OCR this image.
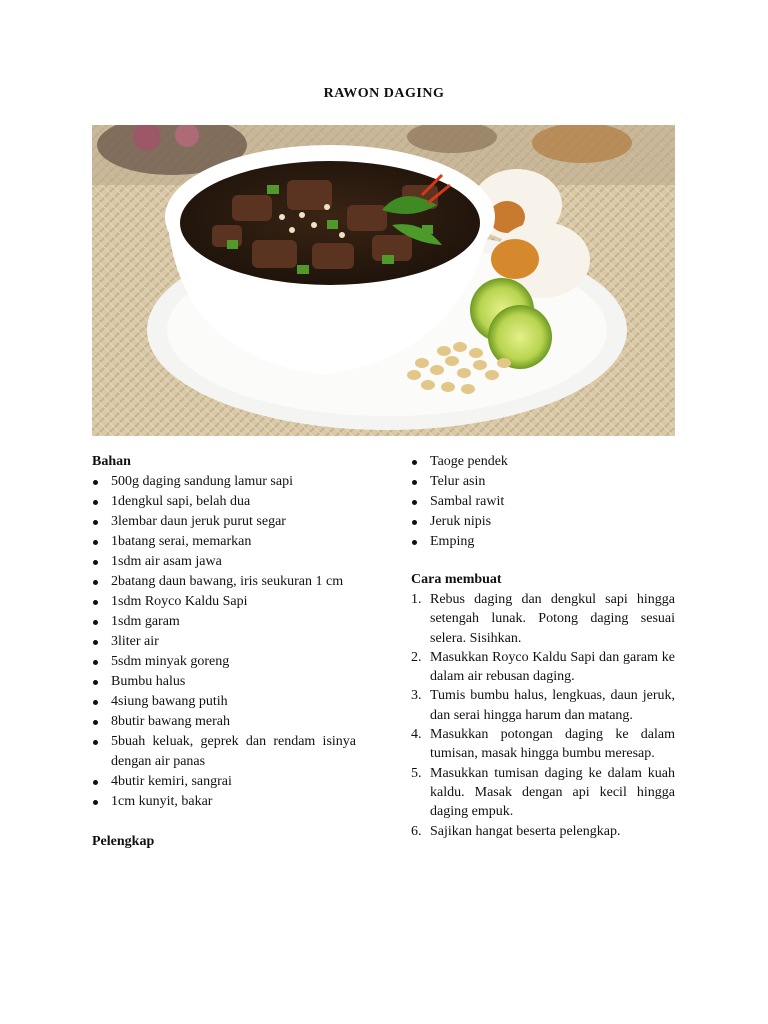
RAWON DAGING

Bahan

500g daging sandung lamur sapi
1dengkul sapi, belah dua
3lembar daun jeruk purut segar
1batang serai, memarkan
1sdm air asam jawa
2batang daun bawang, iris seukuran 1 cm
1sdm Royco Kaldu Sapi
1sdm garam
3liter air
5sdm minyak goreng
Bumbu halus
4siung bawang putih
8butir bawang merah
5buah keluak, geprek dan rendam isinya dengan air panas
4butir kemiri, sangrai
1cm kunyit, bakar

Pelengkap

Taoge pendek
Telur asin
Sambal rawit
Jeruk nipis
Emping

Cara membuat

1. Rebus daging dan dengkul sapi hingga setengah lunak. Potong daging sesuai selera. Sisihkan.
2. Masukkan Royco Kaldu Sapi dan garam ke dalam air rebusan daging.
3. Tumis bumbu halus, lengkuas, daun jeruk, dan serai hingga harum dan matang.
4. Masukkan potongan daging ke dalam tumisan, masak hingga bumbu meresap.
5. Masukkan tumisan daging ke dalam kuah kaldu. Masak dengan api kecil hingga daging empuk.
6. Sajikan hangat beserta pelengkap.
